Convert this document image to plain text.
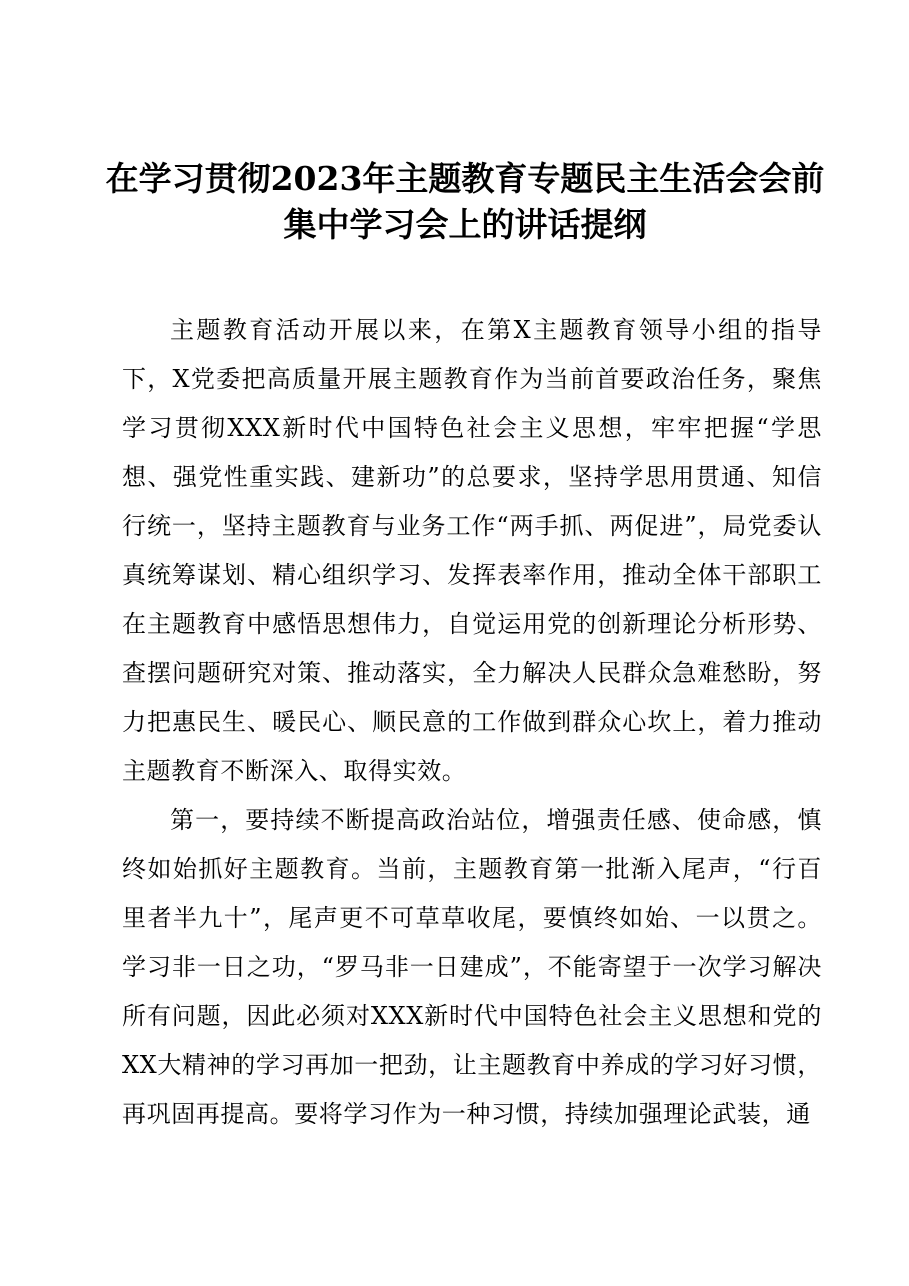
在学习贯彻2023年主题教育专题民主生活会会前集中学习会上的讲话提纲

主题教育活动开展以来，在第X主题教育领导小组的指导下，X党委把高质量开展主题教育作为当前首要政治任务，聚焦学习贯彻XXX新时代中国特色社会主义思想，牢牢把握“学思想、强党性重实践、建新功”的总要求，坚持学思用贯通、知信行统一，坚持主题教育与业务工作“两手抓、两促进”，局党委认真统筹谋划、精心组织学习、发挥表率作用，推动全体干部职工在主题教育中感悟思想伟力，自觉运用党的创新理论分析形势、查摆问题研究对策、推动落实，全力解决人民群众急难愁盼，努力把惠民生、暖民心、顺民意的工作做到群众心坎上，着力推动主题教育不断深入、取得实效。

第一，要持续不断提高政治站位，增强责任感、使命感，慎终如始抓好主题教育。当前，主题教育第一批渐入尾声，“行百里者半九十”，尾声更不可草草收尾，要慎终如始、一以贯之。学习非一日之功，“罗马非一日建成”，不能寄望于一次学习解决所有问题，因此必须对XXX新时代中国特色社会主义思想和党的XX大精神的学习再加一把劲，让主题教育中养成的学习好习惯，再巩固再提高。要将学习作为一种习惯，持续加强理论武装，通
